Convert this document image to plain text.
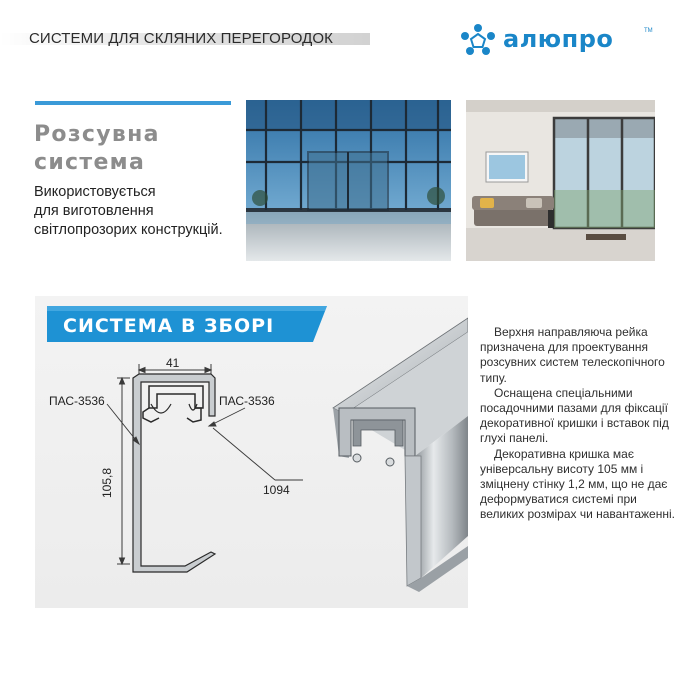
СИСТЕМИ ДЛЯ СКЛЯНИХ ПЕРЕГОРОДОК	алюпро	TM
Розсувна
система
Використовується
для виготовлення
світлопрозорих конструкцій.
СИСТЕМА В ЗБОРІ
41
105,8
ПАС-3536	ПАС-3536
1094

Верхня направляюча рейка призначена для проектування розсувних систем телескопічного типу.

Оснащена спеціальними посадочними пазами для фіксації декоративної кришки і вставок під глухі панелі.

Декоративна кришка має універсальну висоту 105 мм і зміцнену стінку 1,2 мм, що не дає деформуватися системі при великих розмірах чи навантаженні.
